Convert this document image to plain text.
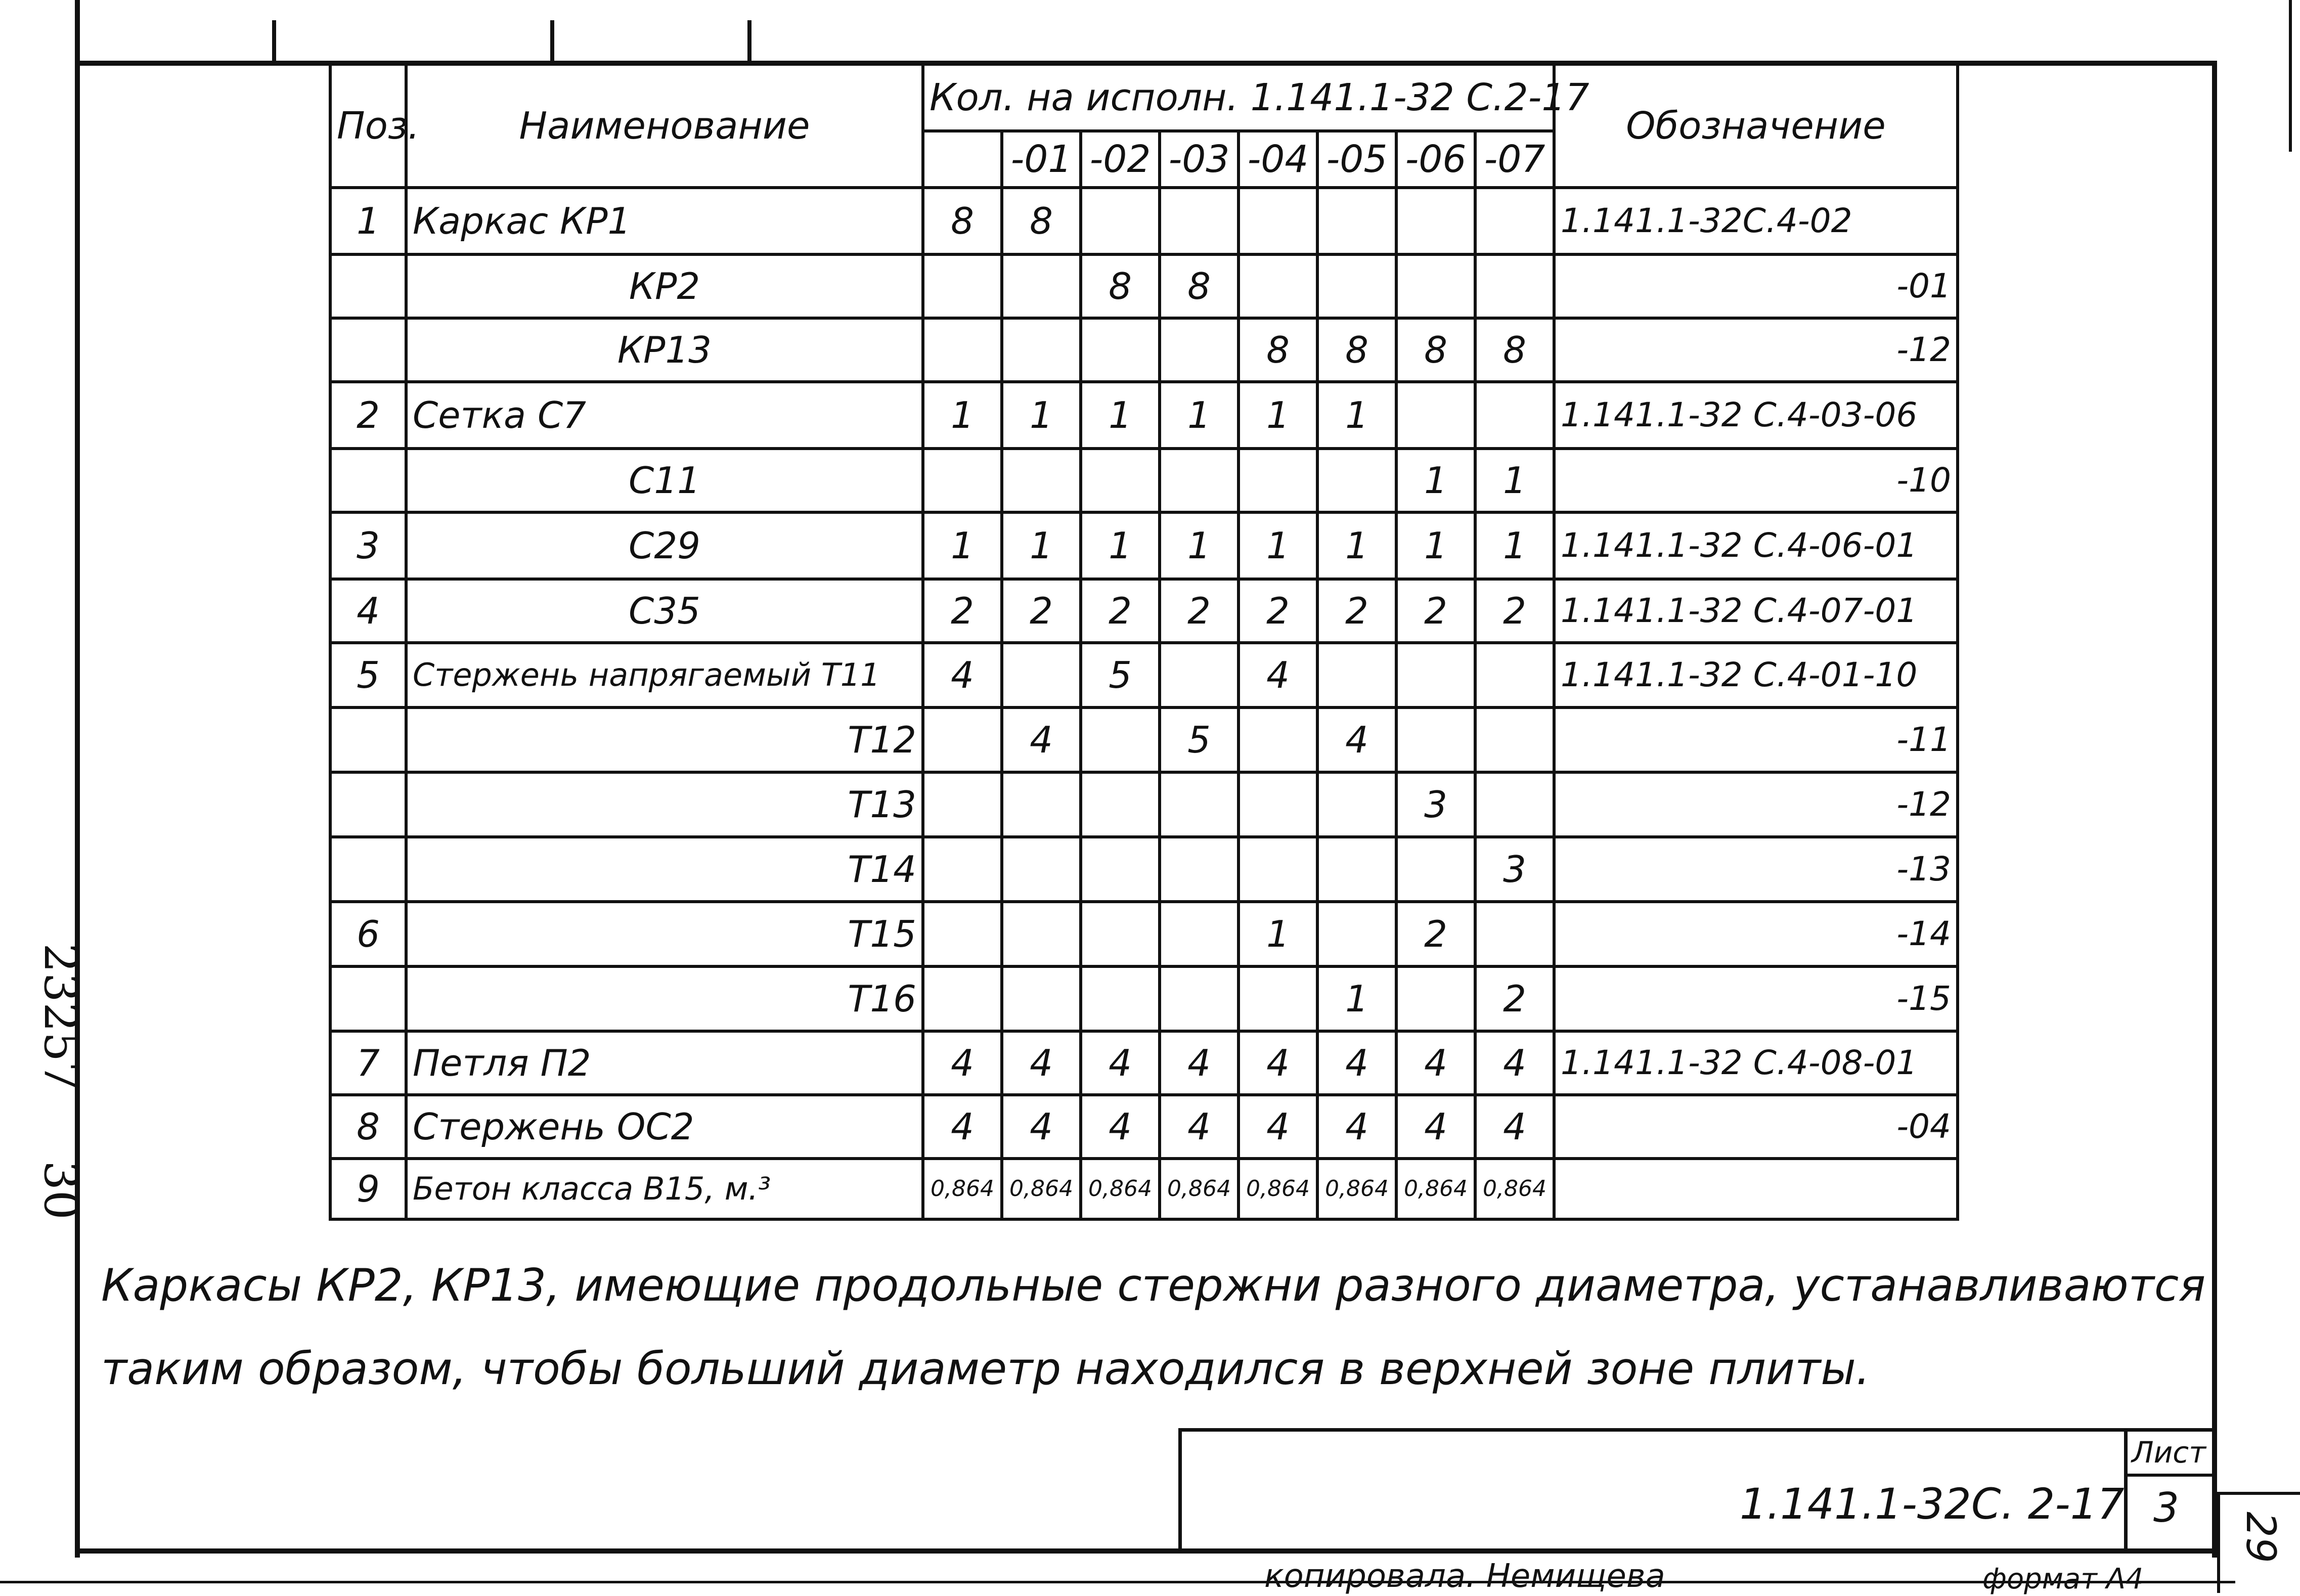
23257
30
Поз.	Наименование	Кол. на исполн. 1.141.1-32 С.2-17								Обозначение
			-01	-02	-03	-04	-05	-06	-07	
1	Каркас КР1	8	8							1.141.1-32С.4-02
	КР2			8	8					-01
	КР13					8	8	8	8	-12
2	Сетка С7	1	1	1	1	1	1			1.141.1-32 С.4-03-06
	С11							1	1	-10
3	С29	1	1	1	1	1	1	1	1	1.141.1-32 С.4-06-01
4	С35	2	2	2	2	2	2	2	2	1.141.1-32 С.4-07-01
5	Стержень напрягаемый Т11	4		5		4				1.141.1-32 С.4-01-10
	Т12		4		5		4			-11
	Т13							3		-12
	Т14								3	-13
6	Т15					1		2		-14
	Т16						1		2	-15
7	Петля П2	4	4	4	4	4	4	4	4	1.141.1-32 С.4-08-01
8	Стержень ОС2	4	4	4	4	4	4	4	4	-04
9	Бетон класса В15, м.³	0,864	0,864	0,864	0,864	0,864	0,864	0,864	0,864	
Каркасы КР2, КР13, имеющие продольные стержни разного диаметра, устанавливаются
таким образом, чтобы больший диаметр находился в верхней зоне плиты.
1.141.1-32С. 2-17
Лист
3
29
копировала. Немищева	формат А4
